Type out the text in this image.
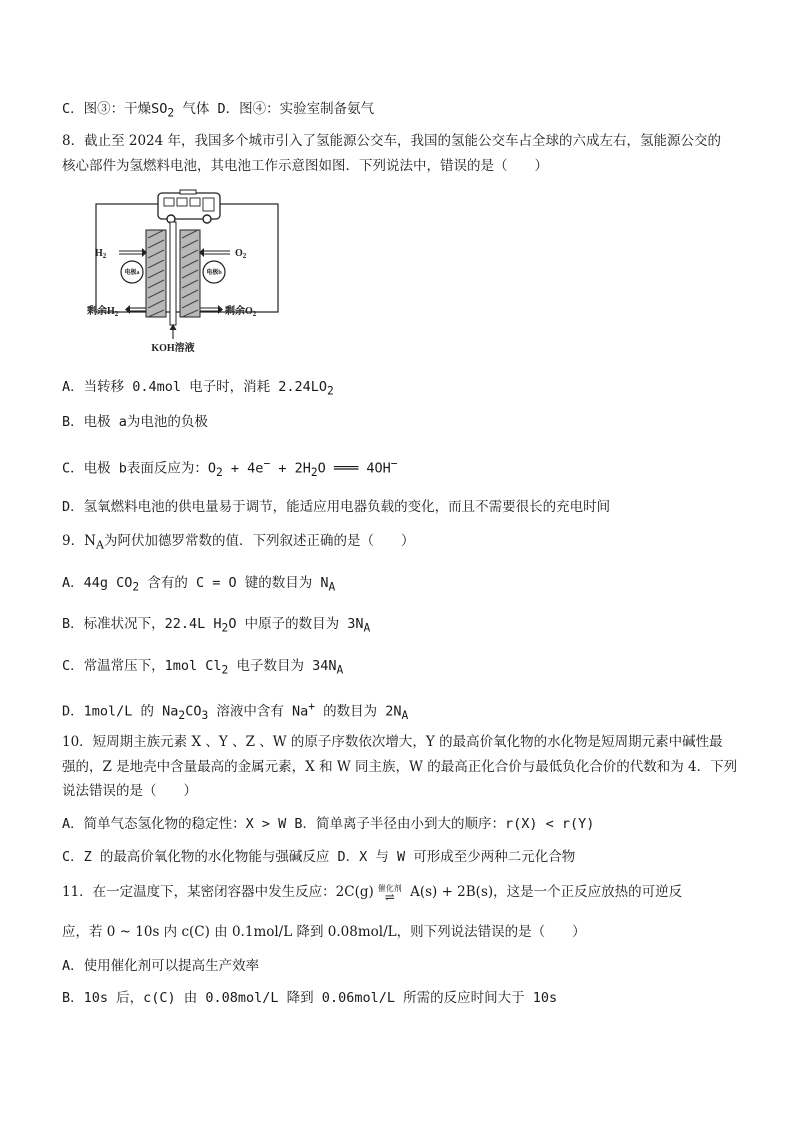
C．图③：干燥$SO_2$ 气体 D．图④：实验室制备氨气
8．截止至 2024 年，我国多个城市引入了氢能源公交车，我国的氢能公交车占全球的六成左右，氢能源公交的
核心部件为氢燃料电池，其电池工作示意图如图．下列说法中，错误的是（　　）
电极a	电极b
$H_2$	$O_2$
剩余$H_2$	剩余$O_2$
KOH溶液
A．当转移 0.4mol 电子时，消耗 $2.24LO_2$
B．电极 a为电池的负极
C．电极 b表面反应为：$O_2 + 4e^- + 2H_2O$ ═══ 4OH−
D．氢氧燃料电池的供电量易于调节，能适应用电器负载的变化，而且不需要很长的充电时间
9．$N_A$为阿伏加德罗常数的值．下列叙述正确的是（　　）
A．44g $CO_2$ 含有的 C = O 键的数目为 $N_A$
B．标准状况下，22.4L $H_2O$ 中原子的数目为 $3N_A$
C．常温常压下，1mol $Cl_2$ 电子数目为 $34N_A$
D．1mol/L 的 $Na_2CO_3$ 溶液中含有 Na+ 的数目为 $2N_A$
10．短周期主族元素 X 、Y 、Z 、W 的原子序数依次增大，Y 的最高价氧化物的水化物是短周期元素中碱性最
强的，Z 是地壳中含量最高的金属元素，X 和 W 同主族，W 的最高正化合价与最低负化合价的代数和为 4．下列
说法错误的是（　　）
A．简单气态氢化物的稳定性：X > W B．简单离子半径由小到大的顺序：r(X) < r(Y)
C．Z 的最高价氧化物的水化物能与强碱反应 D．X 与 W 可形成至少两种二元化合物
11．在一定温度下，某密闭容器中发生反应：2C(g) 催化剂
⇌ A(s) + 2B(s)，这是一个正反应放热的可逆反
应，若 0 ~ 10s 内 c(C) 由 0.1mol/L 降到 0.08mol/L，则下列说法错误的是（　　）
A．使用催化剂可以提高生产效率
B．10s 后，c(C) 由 0.08mol/L 降到 0.06mol/L 所需的反应时间大于 10s
